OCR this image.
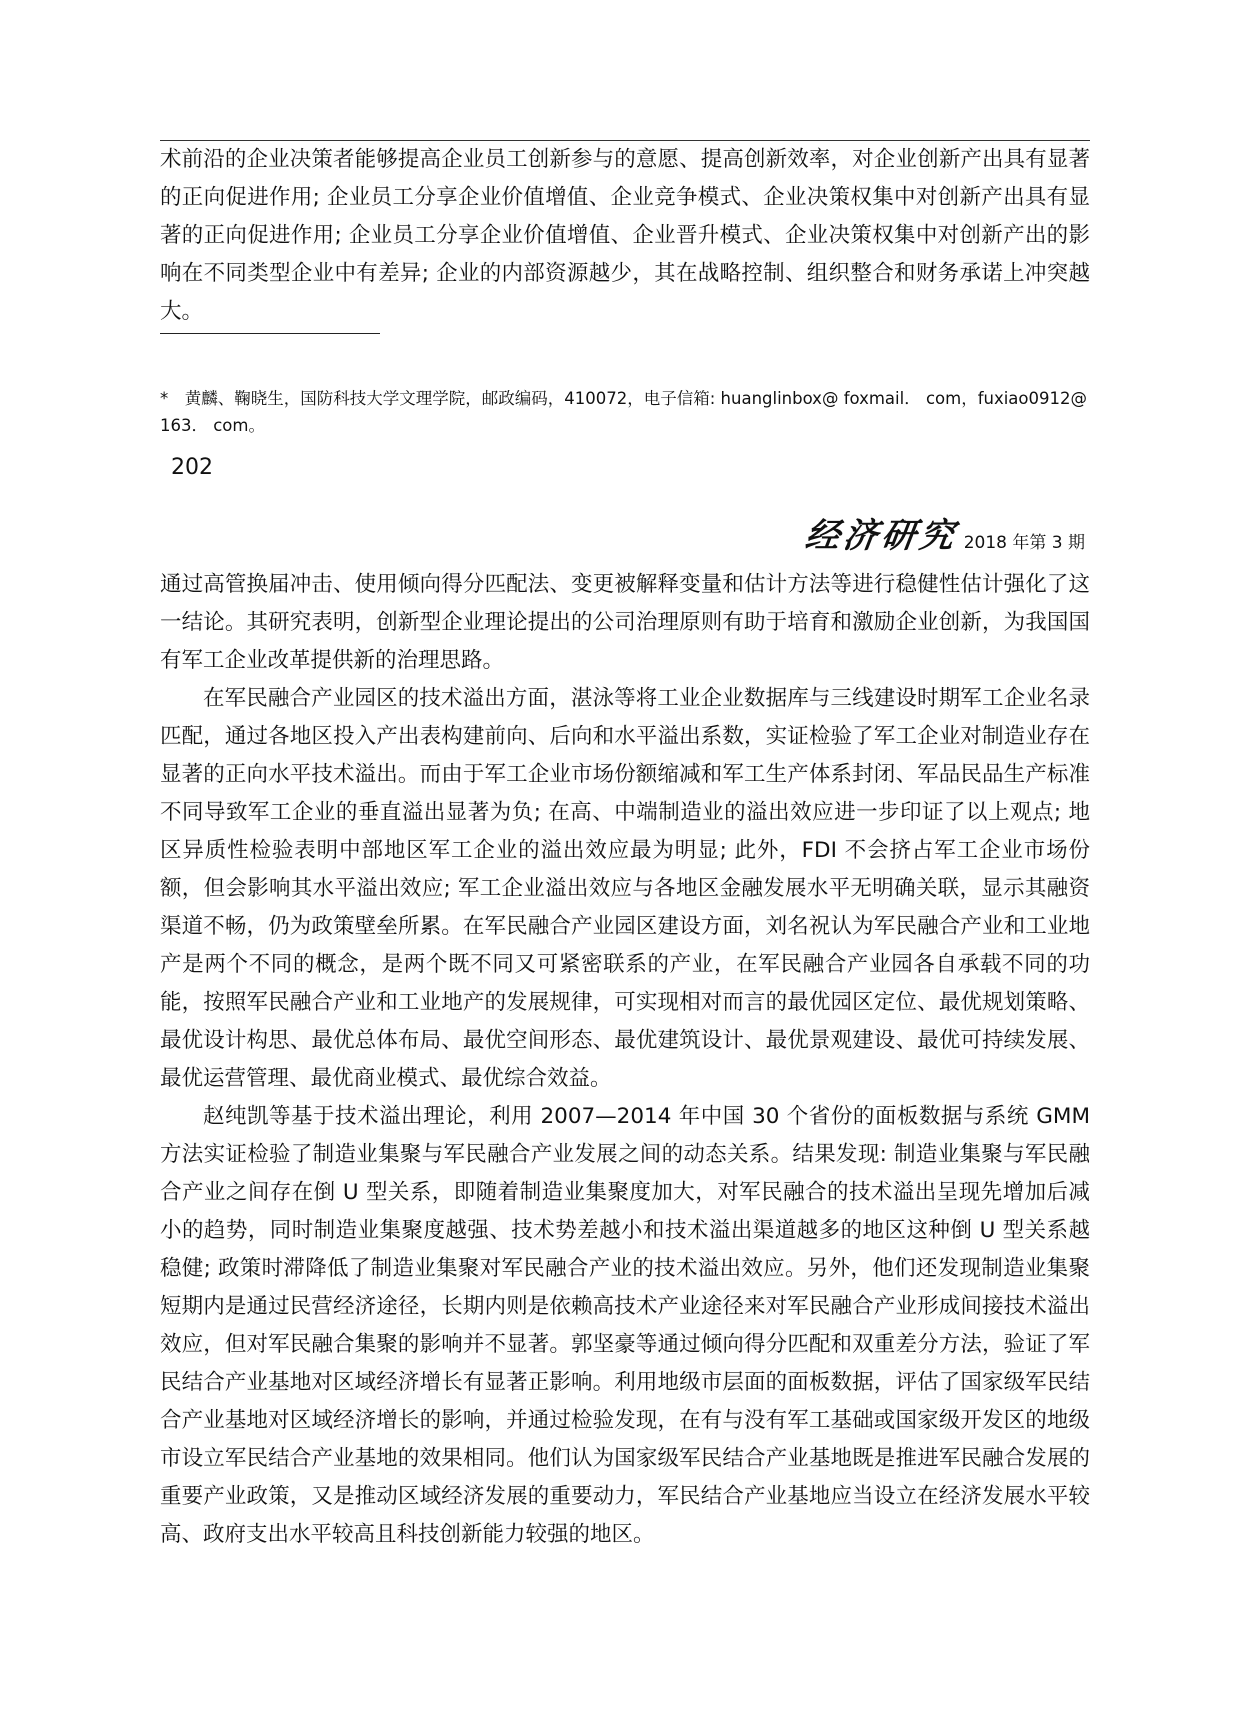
术前沿的企业决策者能够提高企业员工创新参与的意愿、提高创新效率，对企业创新产出具有显著的正向促进作用; 企业员工分享企业价值增值、企业竞争模式、企业决策权集中对创新产出具有显著的正向促进作用; 企业员工分享企业价值增值、企业晋升模式、企业决策权集中对创新产出的影响在不同类型企业中有差异; 企业的内部资源越少，其在战略控制、组织整合和财务承诺上冲突越大。

*　黄麟、鞠晓生，国防科技大学文理学院，邮政编码，410072，电子信箱: huanglinbox@ foxmail． com，fuxiao0912@ 163． com。

202

经济研究 2018 年第 3 期

通过高管换届冲击、使用倾向得分匹配法、变更被解释变量和估计方法等进行稳健性估计强化了这一结论。其研究表明，创新型企业理论提出的公司治理原则有助于培育和激励企业创新，为我国国有军工企业改革提供新的治理思路。

在军民融合产业园区的技术溢出方面，湛泳等将工业企业数据库与三线建设时期军工企业名录匹配，通过各地区投入产出表构建前向、后向和水平溢出系数，实证检验了军工企业对制造业存在显著的正向水平技术溢出。而由于军工企业市场份额缩减和军工生产体系封闭、军品民品生产标准不同导致军工企业的垂直溢出显著为负; 在高、中端制造业的溢出效应进一步印证了以上观点; 地区异质性检验表明中部地区军工企业的溢出效应最为明显; 此外，FDI 不会挤占军工企业市场份额，但会影响其水平溢出效应; 军工企业溢出效应与各地区金融发展水平无明确关联，显示其融资渠道不畅，仍为政策壁垒所累。在军民融合产业园区建设方面，刘名祝认为军民融合产业和工业地产是两个不同的概念，是两个既不同又可紧密联系的产业，在军民融合产业园各自承载不同的功能，按照军民融合产业和工业地产的发展规律，可实现相对而言的最优园区定位、最优规划策略、最优设计构思、最优总体布局、最优空间形态、最优建筑设计、最优景观建设、最优可持续发展、最优运营管理、最优商业模式、最优综合效益。

赵纯凯等基于技术溢出理论，利用 2007—2014 年中国 30 个省份的面板数据与系统 GMM 方法实证检验了制造业集聚与军民融合产业发展之间的动态关系。结果发现: 制造业集聚与军民融合产业之间存在倒 U 型关系，即随着制造业集聚度加大，对军民融合的技术溢出呈现先增加后减小的趋势，同时制造业集聚度越强、技术势差越小和技术溢出渠道越多的地区这种倒 U 型关系越稳健; 政策时滞降低了制造业集聚对军民融合产业的技术溢出效应。另外，他们还发现制造业集聚短期内是通过民营经济途径，长期内则是依赖高技术产业途径来对军民融合产业形成间接技术溢出效应，但对军民融合集聚的影响并不显著。郭坚豪等通过倾向得分匹配和双重差分方法，验证了军民结合产业基地对区域经济增长有显著正影响。利用地级市层面的面板数据，评估了国家级军民结合产业基地对区域经济增长的影响，并通过检验发现，在有与没有军工基础或国家级开发区的地级市设立军民结合产业基地的效果相同。他们认为国家级军民结合产业基地既是推进军民融合发展的重要产业政策，又是推动区域经济发展的重要动力，军民结合产业基地应当设立在经济发展水平较高、政府支出水平较高且科技创新能力较强的地区。
